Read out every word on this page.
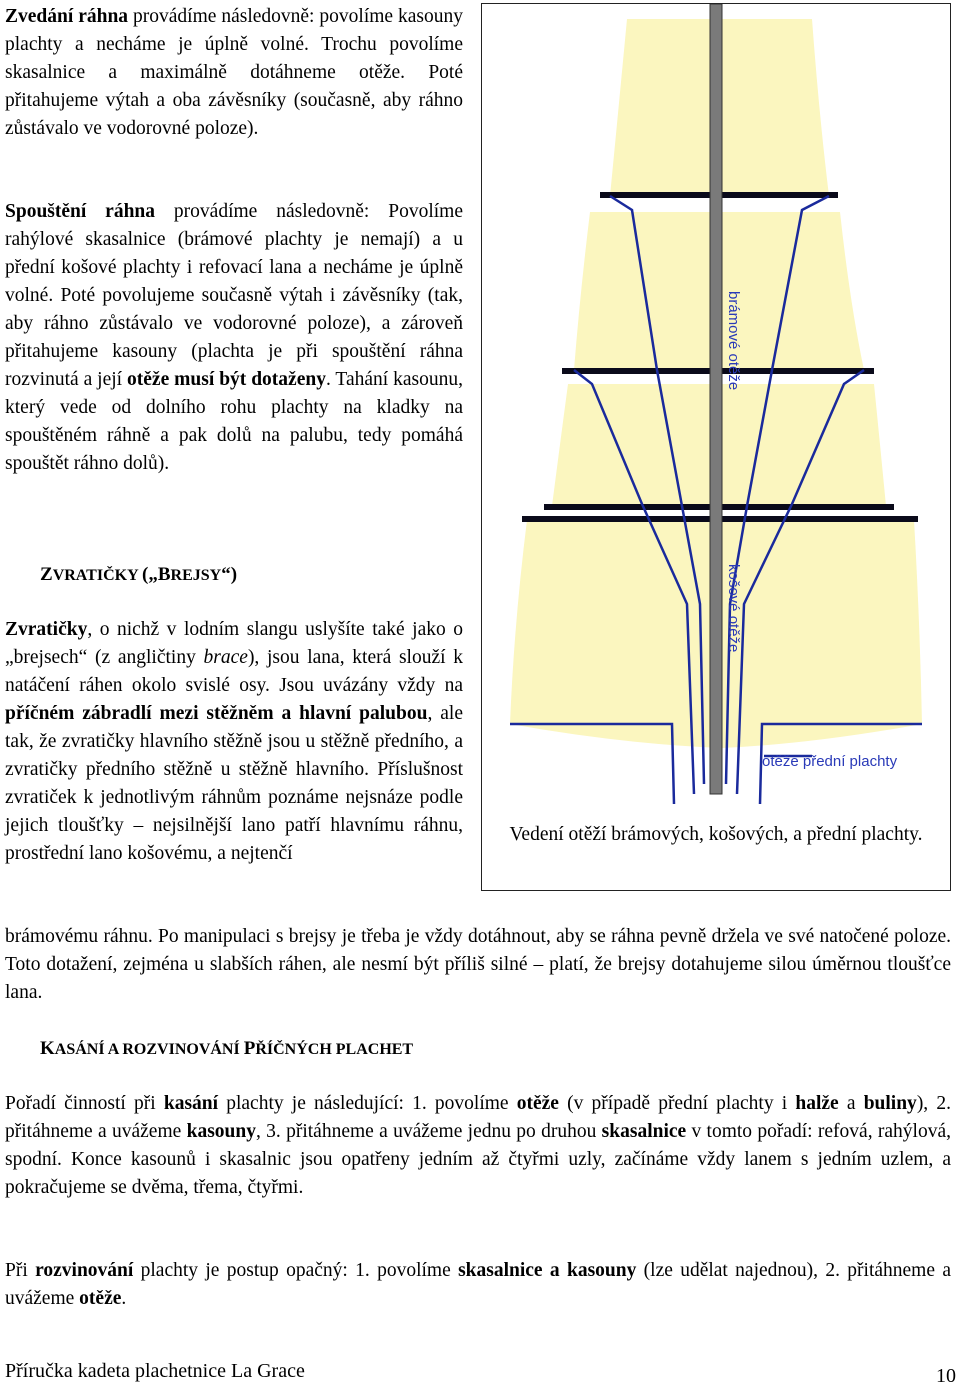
Zvedání ráhna provádíme následovně: povolíme kasouny plachty a necháme je úplně volné. Trochu povolíme skasalnice a maximálně dotáhneme otěže. Poté přitahujeme výtah a oba závěsníky (současně, aby ráhno zůstávalo ve vodorovné poloze).
Spouštění ráhna provádíme následovně: Povolíme rahýlové skasalnice (brámové plachty je nemají) a u přední košové plachty i refovací lana a necháme je úplně volné. Poté povolujeme současně výtah i závěsníky (tak, aby ráhno zůstávalo ve vodorovné poloze), a zároveň přitahujeme kasouny (plachta je při spouštění ráhna rozvinutá a její otěže musí být dotaženy. Tahání kasounu, který vede od dolního rohu plachty na kladky na spouštěném ráhně a pak dolů na palubu, tedy pomáhá spouštět ráhno dolů).
ZVRATIČKY („BREJSY“)
Zvratičky, o nichž v lodním slangu uslyšíte také jako o „brejsech“ (z angličtiny brace), jsou lana, která slouží k natáčení ráhen okolo svislé osy. Jsou uvázány vždy na příčném zábradlí mezi stěžněm a hlavní palubou, ale tak, že zvratičky hlavního stěžně jsou u stěžně předního, a zvratičky předního stěžně u stěžně hlavního. Příslušnost zvratiček k jednotlivým ráhnům poznáme nejsnáze podle jejich tloušťky – nejsilnější lano patří hlavnímu ráhnu, prostřední lano košovému, a nejtenčí
brámovému ráhnu. Po manipulaci s brejsy je třeba je vždy dotáhnout, aby se ráhna pevně držela ve své natočené poloze. Toto dotažení, zejména u slabších ráhen, ale nesmí být příliš silné – platí, že brejsy dotahujeme silou úměrnou tloušťce lana.
KASÁNÍ A ROZVINOVÁNÍ PŘÍČNÝCH PLACHET
Pořadí činností při kasání plachty je následující: 1. povolíme otěže (v případě přední plachty i halže a buliny), 2. přitáhneme a uvážeme kasouny, 3. přitáhneme a uvážeme jednu po druhou skasalnice v tomto pořadí: refová, rahýlová, spodní. Konce kasounů i skasalnic jsou opatřeny jedním až čtyřmi uzly, začínáme vždy lanem s jedním uzlem, a pokračujeme se dvěma, třema, čtyřmi.
Při rozvinování plachty je postup opačný: 1. povolíme skasalnice a kasouny (lze udělat najednou), 2. přitáhneme a uvážeme otěže.
brámové otěže
košové otěže
otěže přední plachty
Vedení otěží brámových, košových, a přední plachty.
Příručka kadeta plachetnice La Grace	10
